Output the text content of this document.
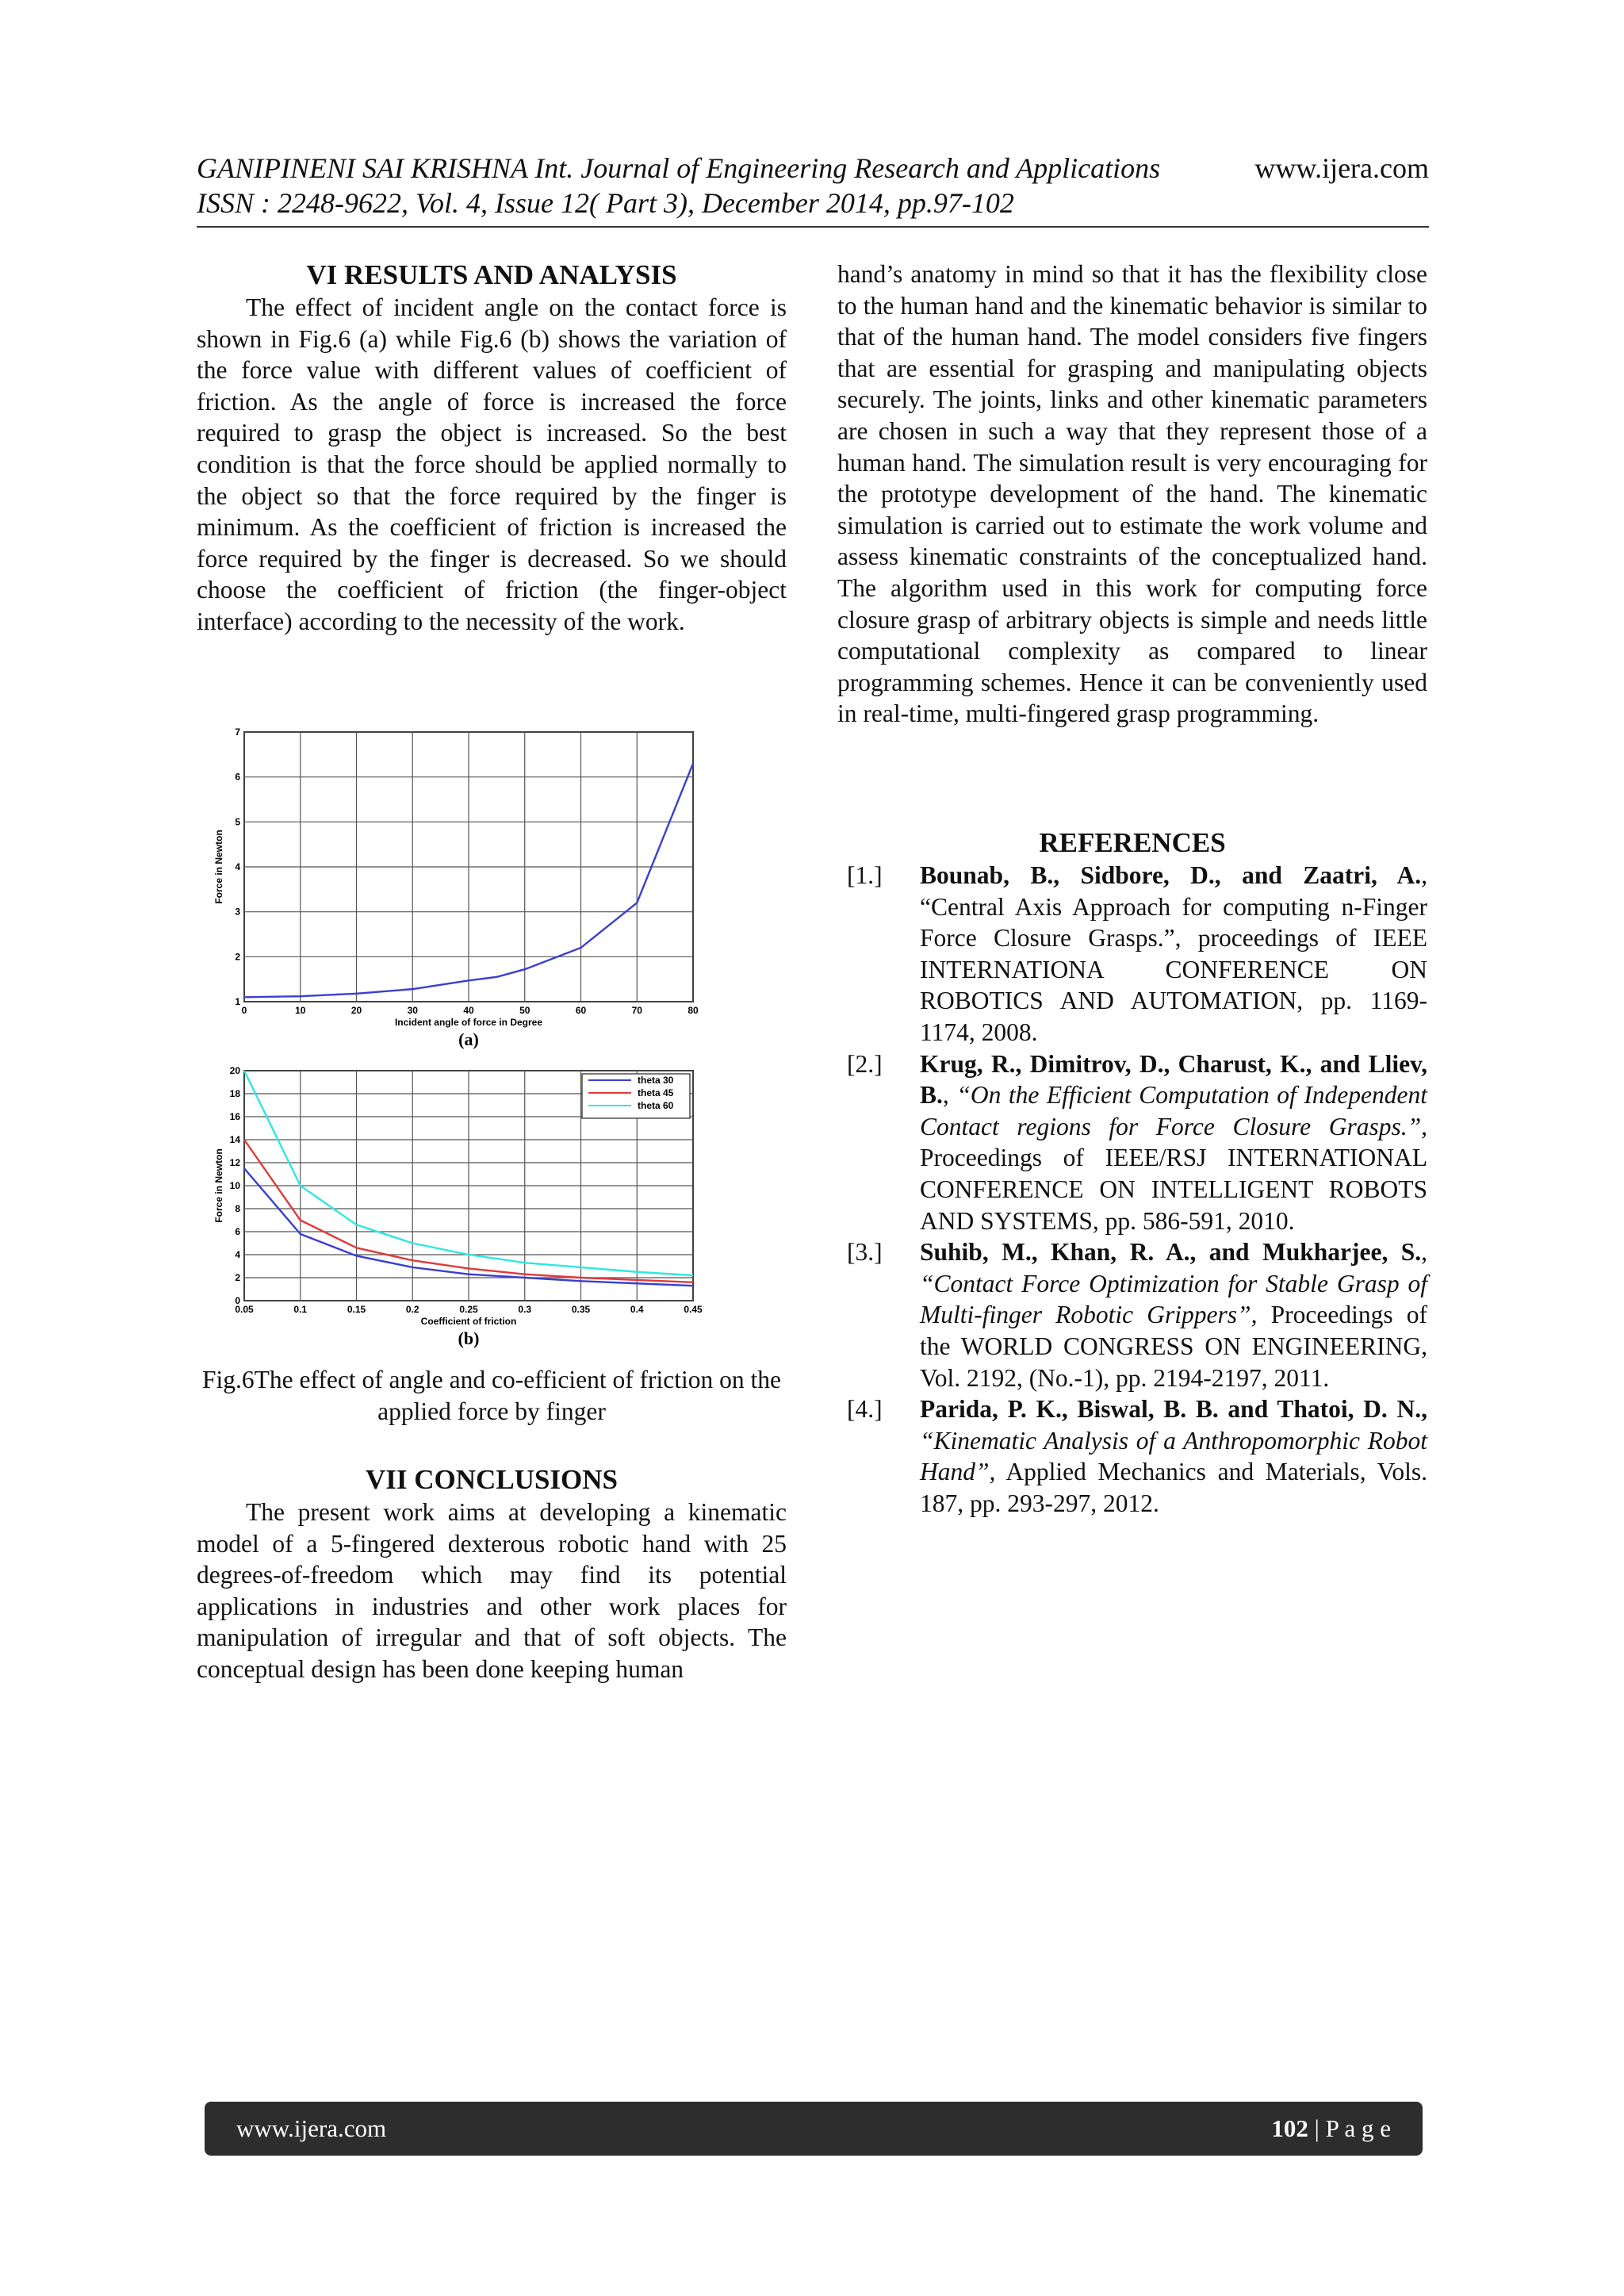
GANIPINENI SAI KRISHNA Int. Journal of Engineering Research and Applications	www.ijera.com
ISSN : 2248-9622, Vol. 4, Issue 12( Part 3), December 2014, pp.97-102
VI RESULTS AND ANALYSIS

The effect of incident angle on the contact force is shown in Fig.6 (a) while Fig.6 (b) shows the variation of the force value with different values of coefficient of friction. As the angle of force is increased the force required to grasp the object is increased. So the best condition is that the force should be applied normally to the object so that the force required by the finger is minimum. As the coefficient of friction is increased the force required by the finger is decreased. So we should choose the coefficient of friction (the finger-object interface) according to the necessity of the work.

0	10	20	30	40	50	60	70	80
1
2
3
4
5
6
7
Incident angle of force in Degree
Force in Newton
(a)
0.05	0.1	0.15	0.2	0.25	0.3	0.35	0.4	0.45
0
2
4
6
8
10
12
14
16
18
20
Coefficient of friction
Force in Newton
(b)
theta 30
theta 45
theta 60
Fig.6The effect of angle and co-efficient of friction on the applied force by finger
VII CONCLUSIONS

The present work aims at developing a kinematic model of a 5-fingered dexterous robotic hand with 25 degrees-of-freedom which may find its potential applications in industries and other work places for manipulation of irregular and that of soft objects. The conceptual design has been done keeping human

hand’s anatomy in mind so that it has the flexibility close to the human hand and the kinematic behavior is similar to that of the human hand. The model considers five fingers that are essential for grasping and manipulating objects securely. The joints, links and other kinematic parameters are chosen in such a way that they represent those of a human hand. The simulation result is very encouraging for the prototype development of the hand. The kinematic simulation is carried out to estimate the work volume and assess kinematic constraints of the conceptualized hand. The algorithm used in this work for computing force closure grasp of arbitrary objects is simple and needs little computational complexity as compared to linear programming schemes. Hence it can be conveniently used in real-time, multi-fingered grasp programming.

REFERENCES
[1.]	Bounab, B., Sidbore, D., and Zaatri, A., “Central Axis Approach for computing n-Finger Force Closure Grasps.”, proceedings of IEEE INTERNATIONA CONFERENCE ON ROBOTICS AND AUTOMATION, pp. 1169-1174, 2008.
[2.]	Krug, R., Dimitrov, D., Charust, K., and Lliev, B., “On the Efficient Computation of Independent Contact regions for Force Closure Grasps.”, Proceedings of IEEE/RSJ INTERNATIONAL CONFERENCE ON INTELLIGENT ROBOTS AND SYSTEMS, pp. 586-591, 2010.
[3.]	Suhib, M., Khan, R. A., and Mukharjee, S., “Contact Force Optimization for Stable Grasp of Multi-finger Robotic Grippers”, Proceedings of the WORLD CONGRESS ON ENGINEERING, Vol. 2192, (No.-1), pp. 2194-2197, 2011.
[4.]	Parida, P. K., Biswal, B. B. and Thatoi, D. N., “Kinematic Analysis of a Anthropomorphic Robot Hand”, Applied Mechanics and Materials, Vols. 187, pp. 293-297, 2012.
www.ijera.com	102 | P a g e
